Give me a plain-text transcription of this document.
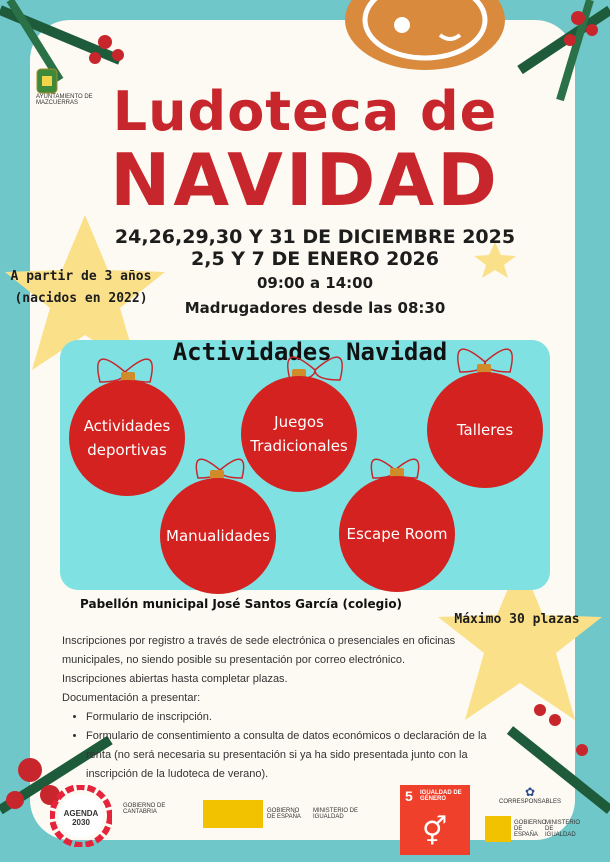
AYUNTAMIENTO DE MAZCUERRAS Ludoteca de
NAVIDAD
24,26,29,30 Y 31 DE DICIEMBRE 2025
2,5 Y 7 DE ENERO 2026
09:00 a 14:00
Madrugadores desde las 08:30
A partir de 3 años
(nacidos en 2022)
Actividades Navidad
Actividades deportivas
Juegos Tradicionales
Talleres
Manualidades	Escape Room
Pabellón municipal José Santos García (colegio)
Máximo 30 plazas

Inscripciones por registro a través de sede electrónica o presenciales en oficinas municipales, no siendo posible su presentación por correo electrónico.

Inscripciones abiertas hasta completar plazas.

Documentación a presentar:

• Formulario de inscripción.
• Formulario de consentimiento a consulta de datos económicos o declaración de la renta (no será necesaria su presentación si ya ha sido presentada junto con la inscripción de la ludoteca de verano).
AGENDA 2030
GOBIERNO DE CANTABRIA	GOBIERNO DE ESPAÑA
MINISTERIO DE IGUALDAD
5 IGUALDAD DE GÉNERO
⚥
✿
CORRESPONSABLES
GOBIERNO DE ESPAÑA
MINISTERIO DE IGUALDAD
